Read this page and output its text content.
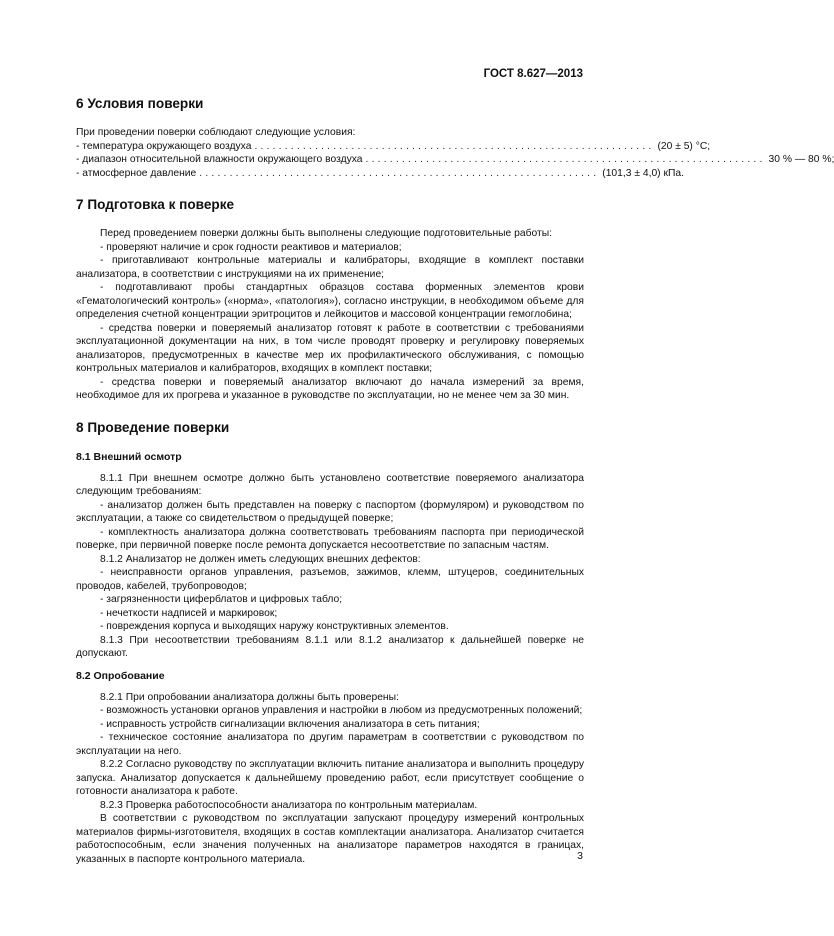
ГОСТ 8.627—2013
6 Условия поверки

При проведении поверки соблюдают следующие условия:

- температура окружающего воздуха .................................................................. (20 ± 5) °С;
- диапазон относительной влажности окружающего воздуха .................................................................. 30 % — 80 %;
- атмосферное давление .................................................................. (101,3 ± 4,0) кПа.
7 Подготовка к поверке

Перед проведением поверки должны быть выполнены следующие подготовительные работы:

- проверяют наличие и срок годности реактивов и материалов;

- приготавливают контрольные материалы и калибраторы, входящие в комплект поставки анализатора, в соответствии с инструкциями на их применение;

- подготавливают пробы стандартных образцов состава форменных элементов крови «Гематологический контроль» («норма», «патология»), согласно инструкции, в необходимом объеме для определения счетной концентрации эритроцитов и лейкоцитов и массовой концентрации гемоглобина;

- средства поверки и поверяемый анализатор готовят к работе в соответствии с требованиями эксплуатационной документации на них, в том числе проводят проверку и регулировку поверяемых анализаторов, предусмотренных в качестве мер их профилактического обслуживания, с помощью контрольных материалов и калибраторов, входящих в комплект поставки;

- средства поверки и поверяемый анализатор включают до начала измерений за время, необходимое для их прогрева и указанное в руководстве по эксплуатации, но не менее чем за 30 мин.

8 Проведение поверки
8.1 Внешний осмотр

8.1.1 При внешнем осмотре должно быть установлено соответствие поверяемого анализатора следующим требованиям:

- анализатор должен быть представлен на поверку с паспортом (формуляром) и руководством по эксплуатации, а также со свидетельством о предыдущей поверке;

- комплектность анализатора должна соответствовать требованиям паспорта при периодической поверке, при первичной поверке после ремонта допускается несоответствие по запасным частям.

8.1.2 Анализатор не должен иметь следующих внешних дефектов:

- неисправности органов управления, разъемов, зажимов, клемм, штуцеров, соединительных проводов, кабелей, трубопроводов;

- загрязненности циферблатов и цифровых табло;

- нечеткости надписей и маркировок;

- повреждения корпуса и выходящих наружу конструктивных элементов.

8.1.3 При несоответствии требованиям 8.1.1 или 8.1.2 анализатор к дальнейшей поверке не допускают.

8.2 Опробование

8.2.1 При опробовании анализатора должны быть проверены:

- возможность установки органов управления и настройки в любом из предусмотренных положений;

- исправность устройств сигнализации включения анализатора в сеть питания;

- техническое состояние анализатора по другим параметрам в соответствии с руководством по эксплуатации на него.

8.2.2 Согласно руководству по эксплуатации включить питание анализатора и выполнить процедуру запуска. Анализатор допускается к дальнейшему проведению работ, если присутствует сообщение о готовности анализатора к работе.

8.2.3 Проверка работоспособности анализатора по контрольным материалам.

В соответствии с руководством по эксплуатации запускают процедуру измерений контрольных материалов фирмы-изготовителя, входящих в состав комплектации анализатора. Анализатор считается работоспособным, если значения полученных на анализаторе параметров находятся в границах, указанных в паспорте контрольного материала.	3
